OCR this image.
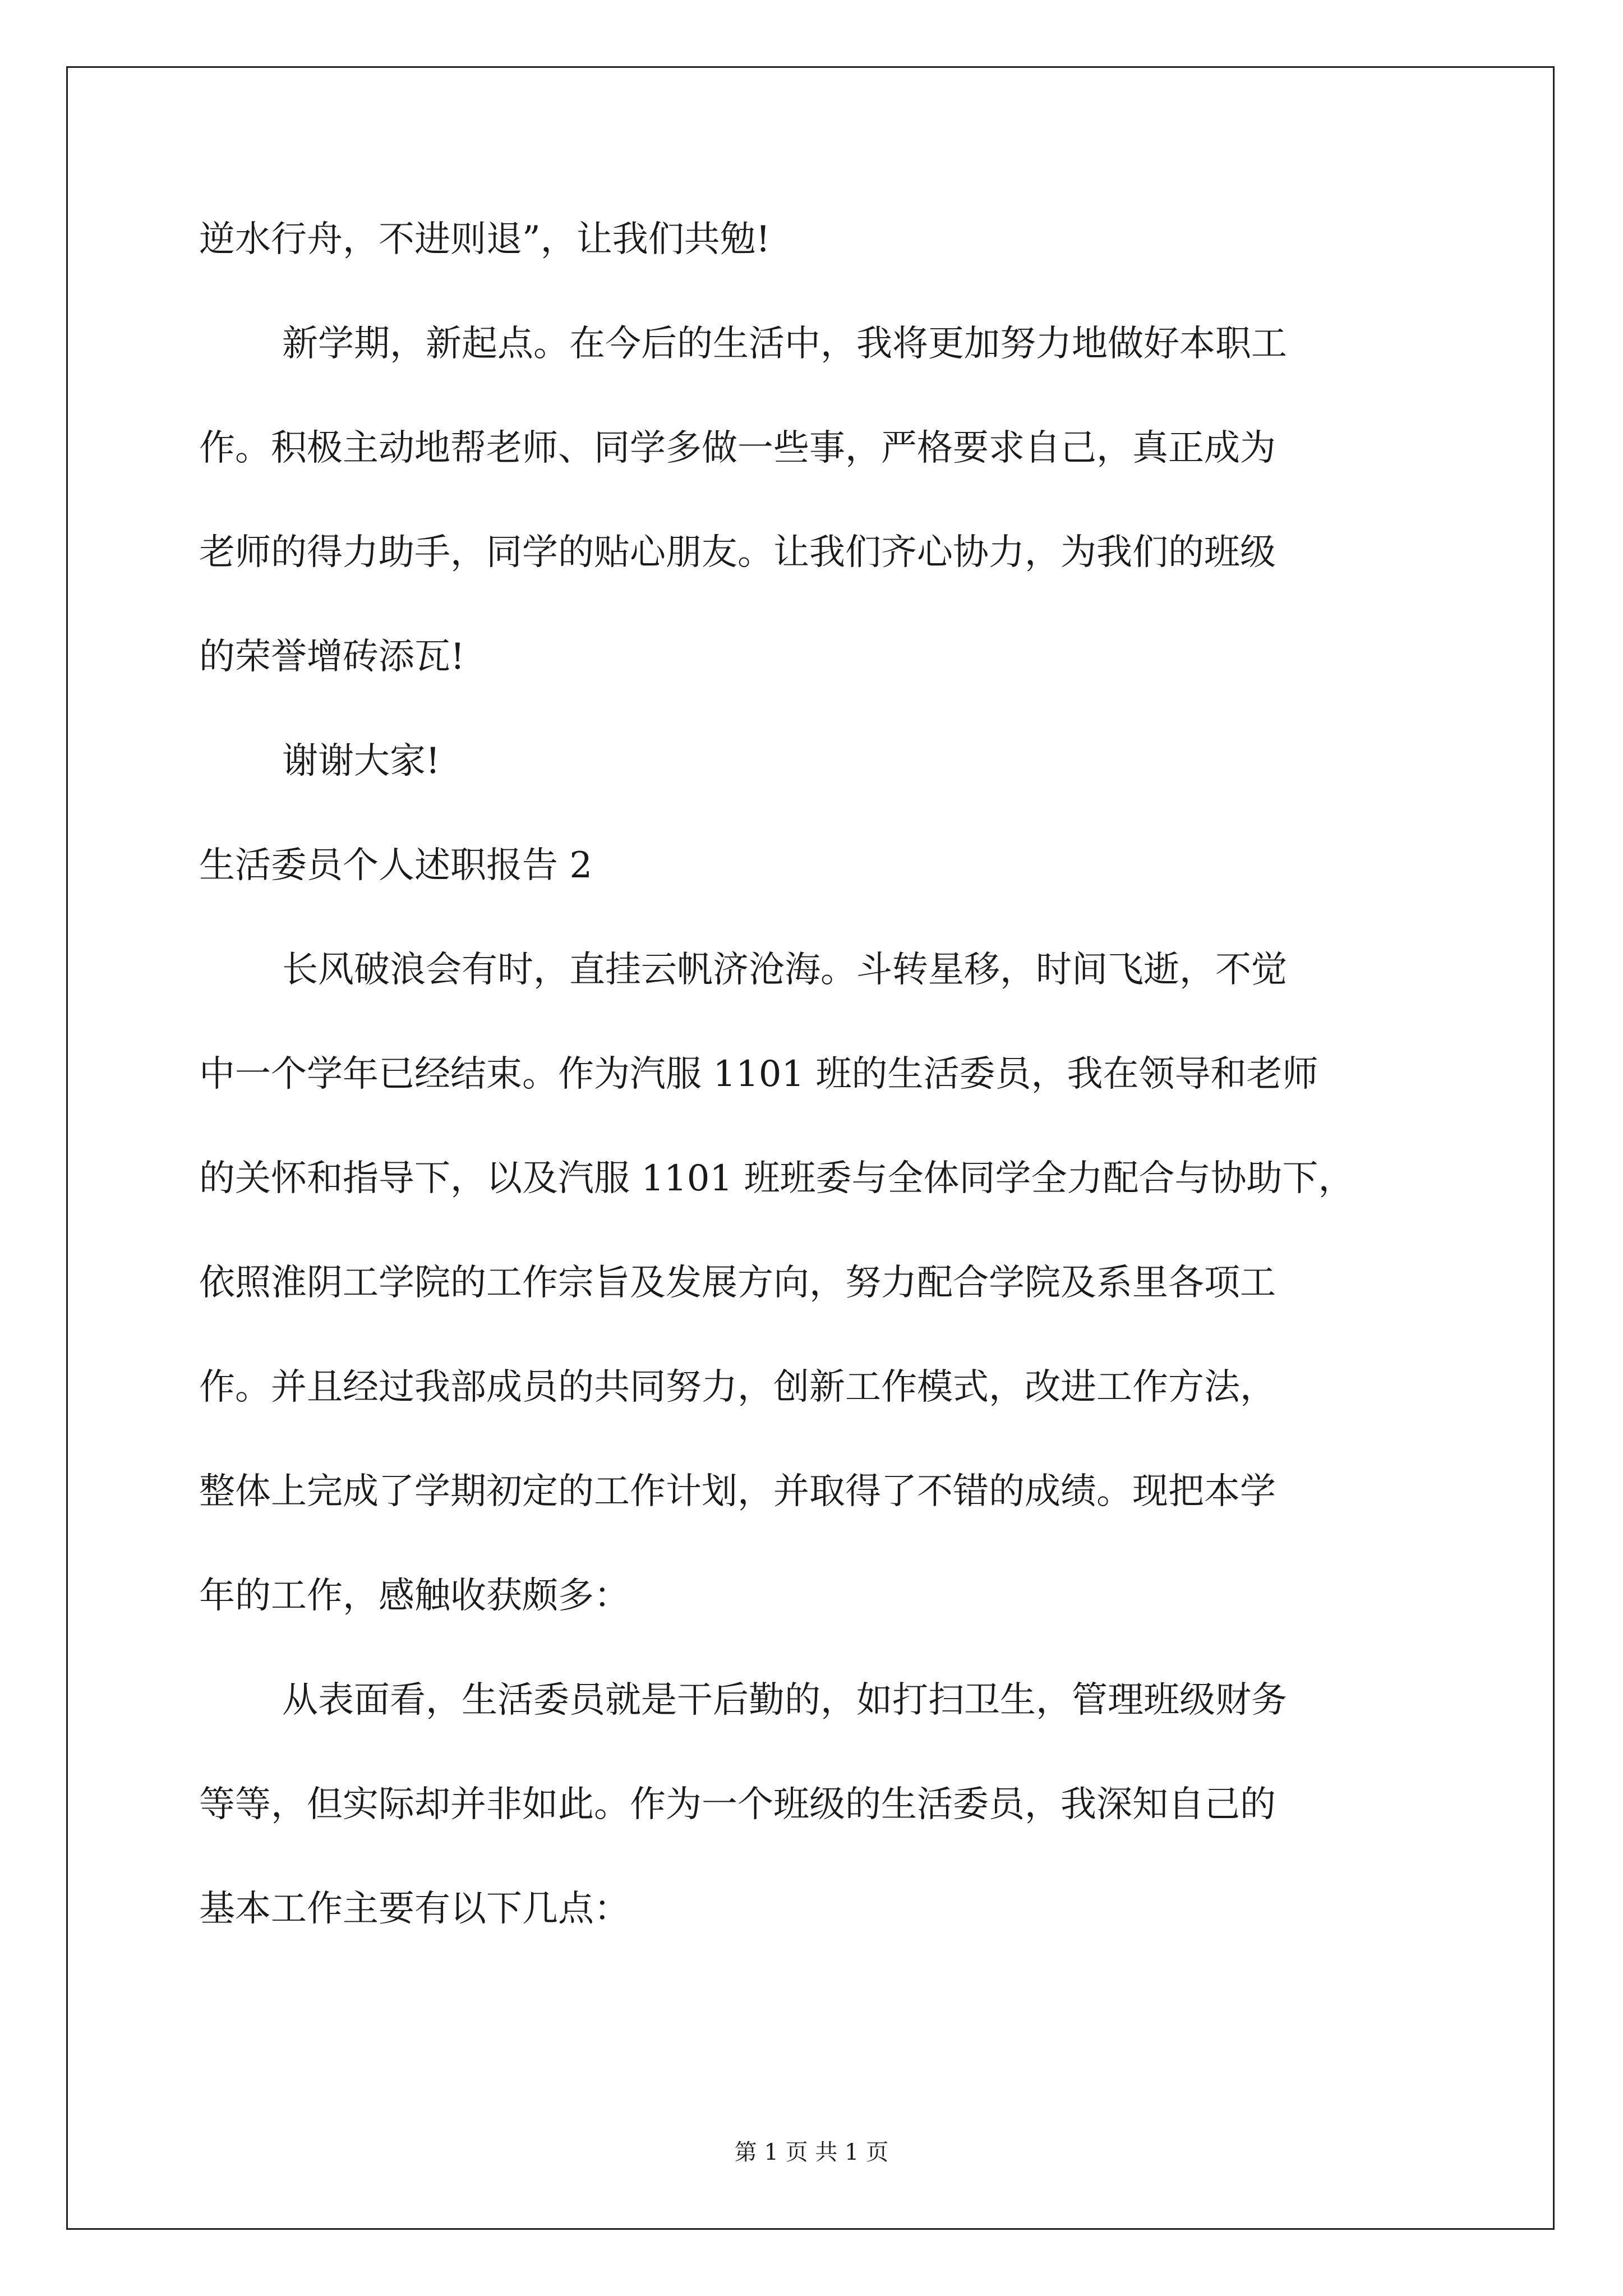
逆水行舟，不进则退”，让我们共勉!
新学期，新起点。在今后的生活中，我将更加努力地做好本职工
作。积极主动地帮老师、同学多做一些事，严格要求自己，真正成为
老师的得力助手，同学的贴心朋友。让我们齐心协力，为我们的班级
的荣誉增砖添瓦!
谢谢大家!
生活委员个人述职报告 2
长风破浪会有时，直挂云帆济沧海。斗转星移，时间飞逝，不觉
中一个学年已经结束。作为汽服 1101 班的生活委员，我在领导和老师
的关怀和指导下，以及汽服 1101 班班委与全体同学全力配合与协助下，
依照淮阴工学院的工作宗旨及发展方向，努力配合学院及系里各项工
作。并且经过我部成员的共同努力，创新工作模式，改进工作方法，
整体上完成了学期初定的工作计划，并取得了不错的成绩。现把本学
年的工作，感触收获颇多：
从表面看，生活委员就是干后勤的，如打扫卫生，管理班级财务
等等，但实际却并非如此。作为一个班级的生活委员，我深知自己的
基本工作主要有以下几点：
第 1 页 共 1 页
